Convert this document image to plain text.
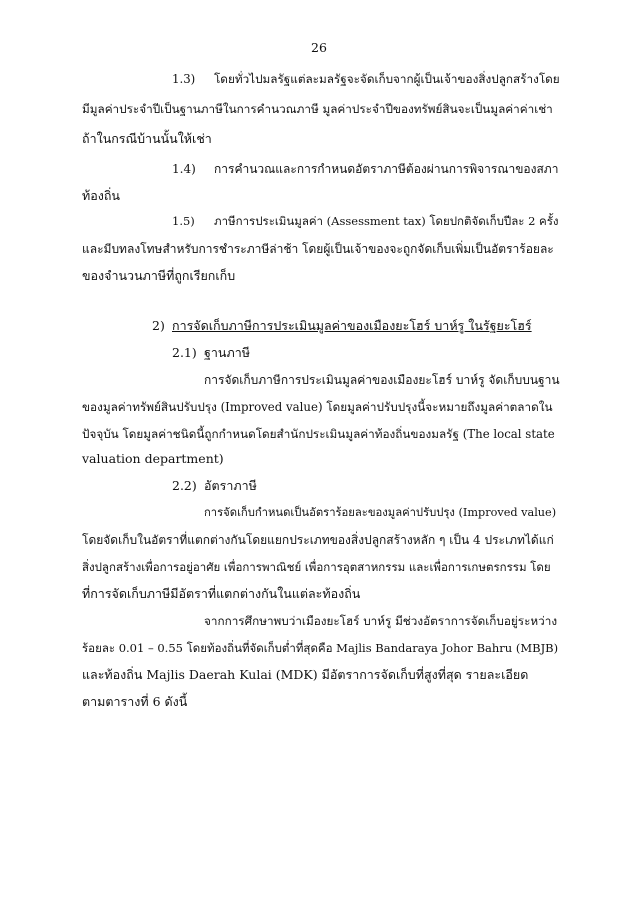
26
1.3) โดยทั่วไปมลรัฐแต่ละมลรัฐจะจัดเก็บจากผู้เป็นเจ้าของสิ่งปลูกสร้างโดย
มีมูลค่าประจำปีเป็นฐานภาษีในการคำนวณภาษี มูลค่าประจำปีของทรัพย์สินจะเป็นมูลค่าค่าเช่า
ถ้าในกรณีบ้านนั้นให้เช่า
1.4) การคำนวณและการกำหนดอัตราภาษีต้องผ่านการพิจารณาของสภา
ท้องถิ่น
1.5) ภาษีการประเมินมูลค่า (Assessment tax) โดยปกติจัดเก็บปีละ 2 ครั้ง
และมีบทลงโทษสำหรับการชำระภาษีล่าช้า โดยผู้เป็นเจ้าของจะถูกจัดเก็บเพิ่มเป็นอัตราร้อยละ
ของจำนวนภาษีที่ถูกเรียกเก็บ
2) การจัดเก็บภาษีการประเมินมูลค่าของเมืองยะโฮร์ บาห์รู ในรัฐยะโฮร์
2.1) ฐานภาษี
การจัดเก็บภาษีการประเมินมูลค่าของเมืองยะโฮร์ บาห์รู จัดเก็บบนฐาน
ของมูลค่าทรัพย์สินปรับปรุง (Improved value) โดยมูลค่าปรับปรุงนี้จะหมายถึงมูลค่าตลาดใน
ปัจจุบัน โดยมูลค่าชนิดนี้ถูกกำหนดโดยสำนักประเมินมูลค่าท้องถิ่นของมลรัฐ (The local state
valuation department)
2.2) อัตราภาษี
การจัดเก็บกำหนดเป็นอัตราร้อยละของมูลค่าปรับปรุง (Improved value)
โดยจัดเก็บในอัตราที่แตกต่างกันโดยแยกประเภทของสิ่งปลูกสร้างหลัก ๆ เป็น 4 ประเภทได้แก่
สิ่งปลูกสร้างเพื่อการอยู่อาศัย เพื่อการพาณิชย์ เพื่อการอุตสาหกรรม และเพื่อการเกษตรกรรม โดย
ที่การจัดเก็บภาษีมีอัตราที่แตกต่างกันในแต่ละท้องถิ่น
จากการศึกษาพบว่าเมืองยะโฮร์ บาห์รู มีช่วงอัตราการจัดเก็บอยู่ระหว่าง
ร้อยละ 0.01 – 0.55 โดยท้องถิ่นที่จัดเก็บต่ำที่สุดคือ Majlis Bandaraya Johor Bahru (MBJB)
และท้องถิ่น Majlis Daerah Kulai (MDK) มีอัตราการจัดเก็บที่สูงที่สุด รายละเอียด
ตามตารางที่ 6 ดังนี้
